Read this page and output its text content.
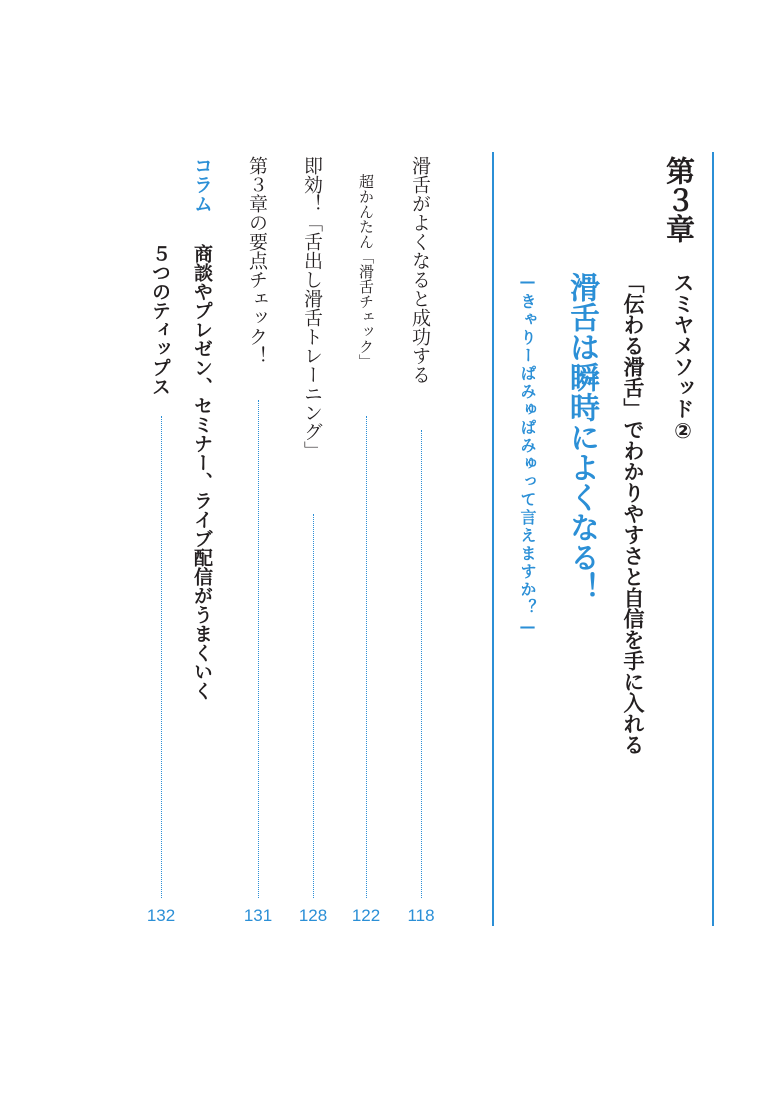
第３章
スミヤメソッド②
「伝わる滑舌」でわかりやすさと自信を手に入れる
滑舌は瞬時によくなる！
—きゃりーぱみゅぱみゅって言えますか？—
滑舌がよくなると成功する
118
超かんたん「滑舌チェック」
122
即効！「舌出し滑舌トレーニング」
128
第３章の要点チェック！
131
コラム
商談やプレゼン、セミナー、ライブ配信がうまくいく
５つのティップス
132
